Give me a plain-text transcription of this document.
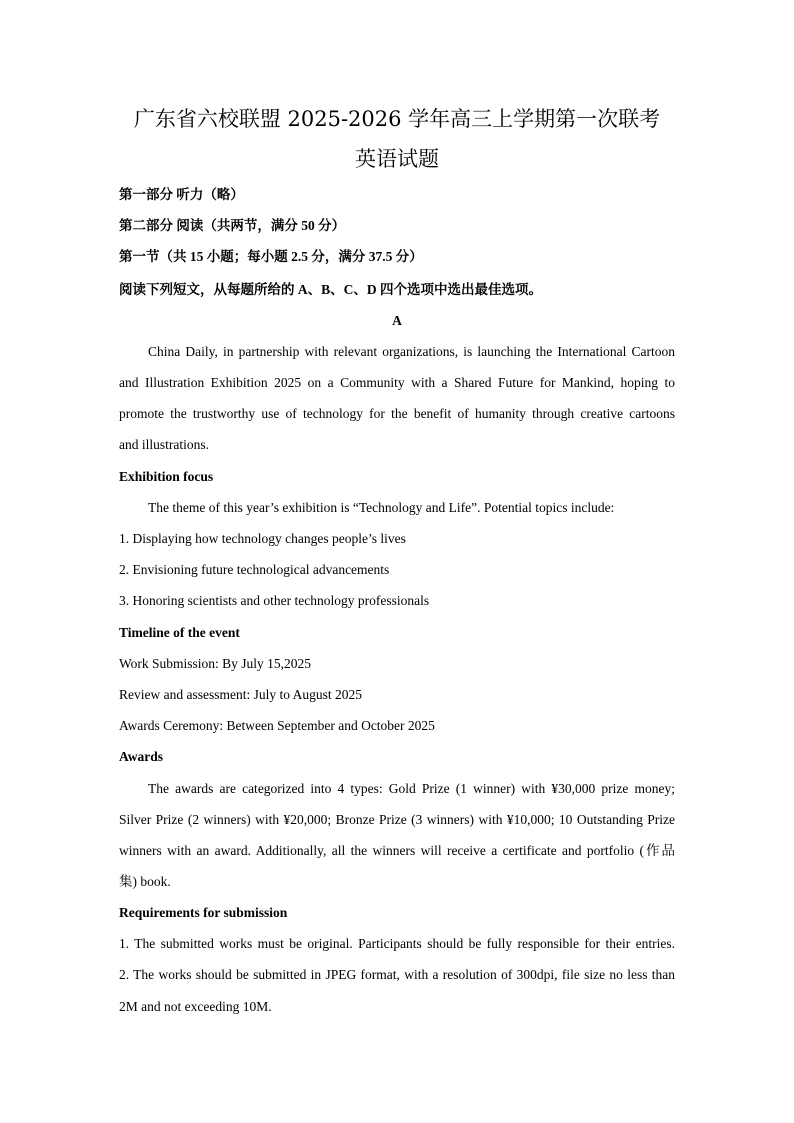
广东省六校联盟 2025-2026 学年高三上学期第一次联考
英语试题
第一部分 听力（略）
第二部分 阅读（共两节，满分 50 分）
第一节（共 15 小题；每小题 2.5 分，满分 37.5 分）
阅读下列短文，从每题所给的 A、B、C、D 四个选项中选出最佳选项。
A
China Daily, in partnership with relevant organizations, is launching the International Cartoon
and Illustration Exhibition 2025 on a Community with a Shared Future for Mankind, hoping to
promote the trustworthy use of technology for the benefit of humanity through creative cartoons
and illustrations.
Exhibition focus
The theme of this year’s exhibition is “Technology and Life”. Potential topics include:
1. Displaying how technology changes people’s lives
2. Envisioning future technological advancements
3. Honoring scientists and other technology professionals
Timeline of the event
Work Submission: By July 15,2025
Review and assessment: July to August 2025
Awards Ceremony: Between September and October 2025
Awards
The awards are categorized into 4 types: Gold Prize (1 winner) with ¥30,000 prize money;
Silver Prize (2 winners) with ¥20,000; Bronze Prize (3 winners) with ¥10,000; 10 Outstanding Prize
winners with an award. Additionally, all the winners will receive a certificate and portfolio (作品
集) book.
Requirements for submission
1. The submitted works must be original. Participants should be fully responsible for their entries.
2. The works should be submitted in JPEG format, with a resolution of 300dpi, file size no less than
2M and not exceeding 10M.
